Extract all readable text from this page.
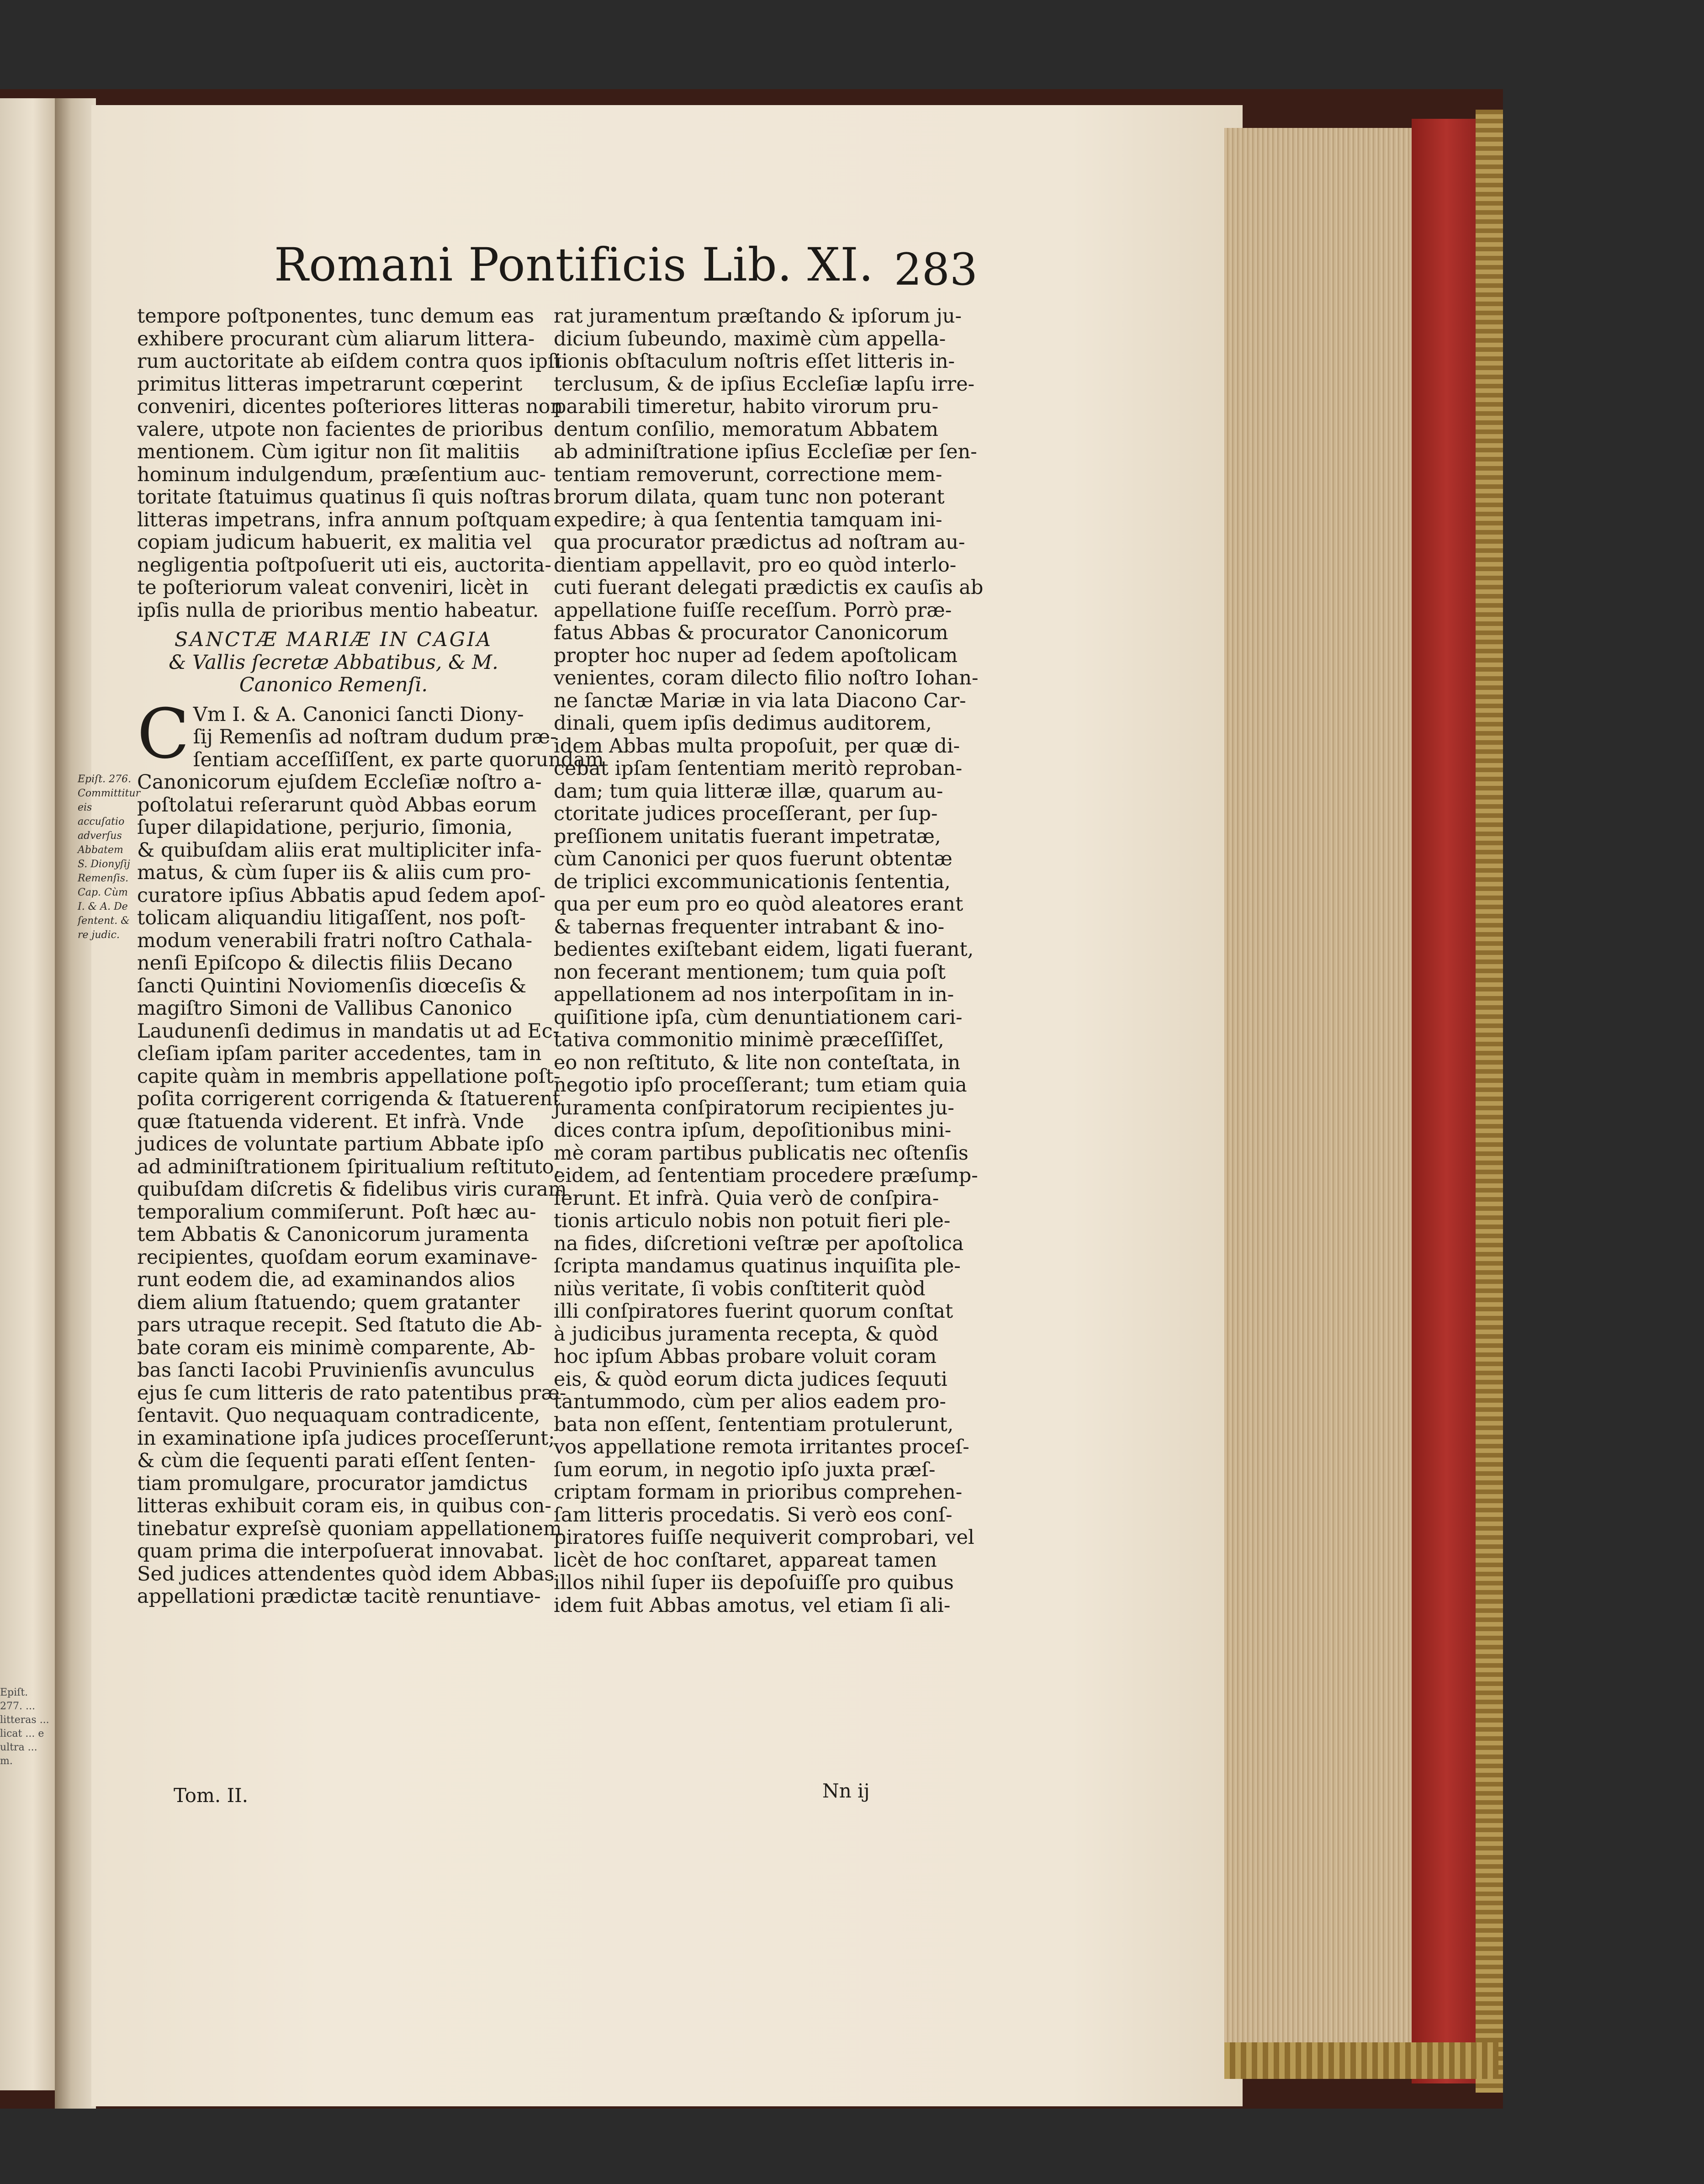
Epiſt. 277. ... litteras ... licat ... e ultra ... m.
Romani Pontificis Lib. XI. 283
Epiſt. 276. Committitur eis accuſatio adverſus Abbatem S. Dionyſij Remenſis. Cap. Cùm I. & A. De ſentent. & re judic.
tempore poſtponentes, tunc demum eas
exhibere procurant cùm aliarum littera-
rum auctoritate ab eiſdem contra quos ipſi
primitus litteras impetrarunt cœperint
conveniri, dicentes poſteriores litteras non
valere, utpote non facientes de prioribus
mentionem. Cùm igitur non ſit malitiis
hominum indulgendum, præſentium auc-
toritate ſtatuimus quatinus ſi quis noſtras
litteras impetrans, infra annum poſtquam
copiam judicum habuerit, ex malitia vel
negligentia poſtpoſuerit uti eis, auctorita-
te poſteriorum valeat conveniri, licèt in
ipſis nulla de prioribus mentio habeatur.
SANCTÆ MARIÆ IN CAGIA
& Vallis ſecretæ Abbatibus, & M.
Canonico Remenſi.
C Vm I. & A. Canonici ſancti Diony-
ſij Remenſis ad noſtram dudum præ-
ſentiam acceſſiſſent, ex parte quorundam
Canonicorum ejuſdem Eccleſiæ noſtro a-
poſtolatui reſerarunt quòd Abbas eorum
ſuper dilapidatione, perjurio, ſimonia,
& quibuſdam aliis erat multipliciter infa-
matus, & cùm ſuper iis & aliis cum pro-
curatore ipſius Abbatis apud ſedem apoſ-
tolicam aliquandiu litigaſſent, nos poſt-
modum venerabili fratri noſtro Cathala-
nenſi Epiſcopo & dilectis filiis Decano
ſancti Quintini Noviomenſis diœceſis &
magiſtro Simoni de Vallibus Canonico
Laudunenſi dedimus in mandatis ut ad Ec-
cleſiam ipſam pariter accedentes, tam in
capite quàm in membris appellatione poſt-
poſita corrigerent corrigenda & ſtatuerent
quæ ſtatuenda viderent. Et infrà. Vnde
judices de voluntate partium Abbate ipſo
ad adminiſtrationem ſpiritualium reſtituto,
quibuſdam diſcretis & fidelibus viris curam
temporalium commiſerunt. Poſt hæc au-
tem Abbatis & Canonicorum juramenta
recipientes, quoſdam eorum examinave-
runt eodem die, ad examinandos alios
diem alium ſtatuendo; quem gratanter
pars utraque recepit. Sed ſtatuto die Ab-
bate coram eis minimè comparente, Ab-
bas ſancti Iacobi Pruvinienſis avunculus
ejus ſe cum litteris de rato patentibus præ-
ſentavit. Quo nequaquam contradicente,
in examinatione ipſa judices proceſſerunt;
& cùm die ſequenti parati eſſent ſenten-
tiam promulgare, procurator jamdictus
litteras exhibuit coram eis, in quibus con-
tinebatur expreſsè quoniam appellationem
quam prima die interpoſuerat innovabat.
Sed judices attendentes quòd idem Abbas
appellationi prædictæ tacitè renuntiave-
rat juramentum præſtando & ipſorum ju-
dicium ſubeundo, maximè cùm appella-
tionis obſtaculum noſtris eſſet litteris in-
terclusum, & de ipſius Eccleſiæ lapſu irre-
parabili timeretur, habito virorum pru-
dentum conſilio, memoratum Abbatem
ab adminiſtratione ipſius Eccleſiæ per ſen-
tentiam removerunt, correctione mem-
brorum dilata, quam tunc non poterant
expedire; à qua ſententia tamquam ini-
qua procurator prædictus ad noſtram au-
dientiam appellavit, pro eo quòd interlo-
cuti fuerant delegati prædictis ex cauſis ab
appellatione fuiſſe receſſum. Porrò præ-
fatus Abbas & procurator Canonicorum
propter hoc nuper ad ſedem apoſtolicam
venientes, coram dilecto filio noſtro Iohan-
ne ſanctæ Mariæ in via lata Diacono Car-
dinali, quem ipſis dedimus auditorem,
idem Abbas multa propoſuit, per quæ di-
cebat ipſam ſententiam meritò reproban-
dam; tum quia litteræ illæ, quarum au-
ctoritate judices proceſſerant, per ſup-
preſſionem unitatis fuerant impetratæ,
cùm Canonici per quos fuerunt obtentæ
de triplici excommunicationis ſententia,
qua per eum pro eo quòd aleatores erant
& tabernas frequenter intrabant & ino-
bedientes exiſtebant eidem, ligati fuerant,
non fecerant mentionem; tum quia poſt
appellationem ad nos interpoſitam in in-
quiſitione ipſa, cùm denuntiationem cari-
tativa commonitio minimè præceſſiſſet,
eo non reſtituto, & lite non conteſtata, in
negotio ipſo proceſſerant; tum etiam quia
juramenta conſpiratorum recipientes ju-
dices contra ipſum, depoſitionibus mini-
mè coram partibus publicatis nec oſtenſis
eidem, ad ſententiam procedere præſump-
ſerunt. Et infrà. Quia verò de conſpira-
tionis articulo nobis non potuit fieri ple-
na fides, diſcretioni veſtræ per apoſtolica
ſcripta mandamus quatinus inquiſita ple-
niùs veritate, ſi vobis conſtiterit quòd
illi conſpiratores fuerint quorum conſtat
à judicibus juramenta recepta, & quòd
hoc ipſum Abbas probare voluit coram
eis, & quòd eorum dicta judices ſequuti
tantummodo, cùm per alios eadem pro-
bata non eſſent, ſententiam protulerunt,
vos appellatione remota irritantes proceſ-
ſum eorum, in negotio ipſo juxta præſ-
criptam formam in prioribus comprehen-
ſam litteris procedatis. Si verò eos conſ-
piratores fuiſſe nequiverit comprobari, vel
licèt de hoc conſtaret, appareat tamen
illos nihil ſuper iis depoſuiſſe pro quibus
idem fuit Abbas amotus, vel etiam ſi ali-
Tom. II.	Nn ij
